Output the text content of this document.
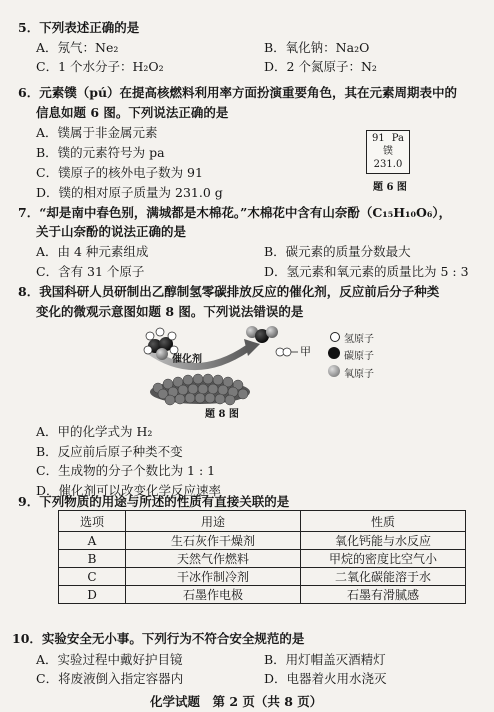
5．下列表述正确的是
A．氖气：Ne₂	B．氧化钠：Na₂O
C．1 个水分子：H₂O₂	D．2 个氮原子：N₂
6．元素镤（pú）在提高核燃料利用率方面扮演重要角色，其在元素周期表中的
信息如题 6 图。下列说法正确的是
A．镤属于非金属元素
B．镤的元素符号为 pa
C．镤原子的核外电子数为 91
D．镤的相对原子质量为 231.0 g
91 Pa
镤
231.0
题 6 图
7．“却是南中春色别，满城都是木棉花。”木棉花中含有山奈酚（C₁₅H₁₀O₆），
关于山奈酚的说法正确的是
A．由 4 种元素组成	B．碳元素的质量分数最大
C．含有 31 个原子	D．氢元素和氧元素的质量比为 5 : 3
8．我国科研人员研制出乙醇制氢零碳排放反应的催化剂，反应前后分子种类
变化的微观示意图如题 8 图。下列说法错误的是
催化剂
甲
氢原子
碳原子
氧原子
题 8 图
A．甲的化学式为 H₂
B．反应前后原子种类不变
C．生成物的分子个数比为 1 : 1
D．催化剂可以改变化学反应速率
9．下列物质的用途与所述的性质有直接关联的是
选项	用途	性质
A	生石灰作干燥剂	氧化钙能与水反应
B	天然气作燃料	甲烷的密度比空气小
C	干冰作制冷剂	二氧化碳能溶于水
D	石墨作电极	石墨有滑腻感
10．实验安全无小事。下列行为不符合安全规范的是
A．实验过程中戴好护目镜	B．用灯帽盖灭酒精灯
C．将废液倒入指定容器内	D．电器着火用水浇灭
化学试题　第 2 页（共 8 页）
